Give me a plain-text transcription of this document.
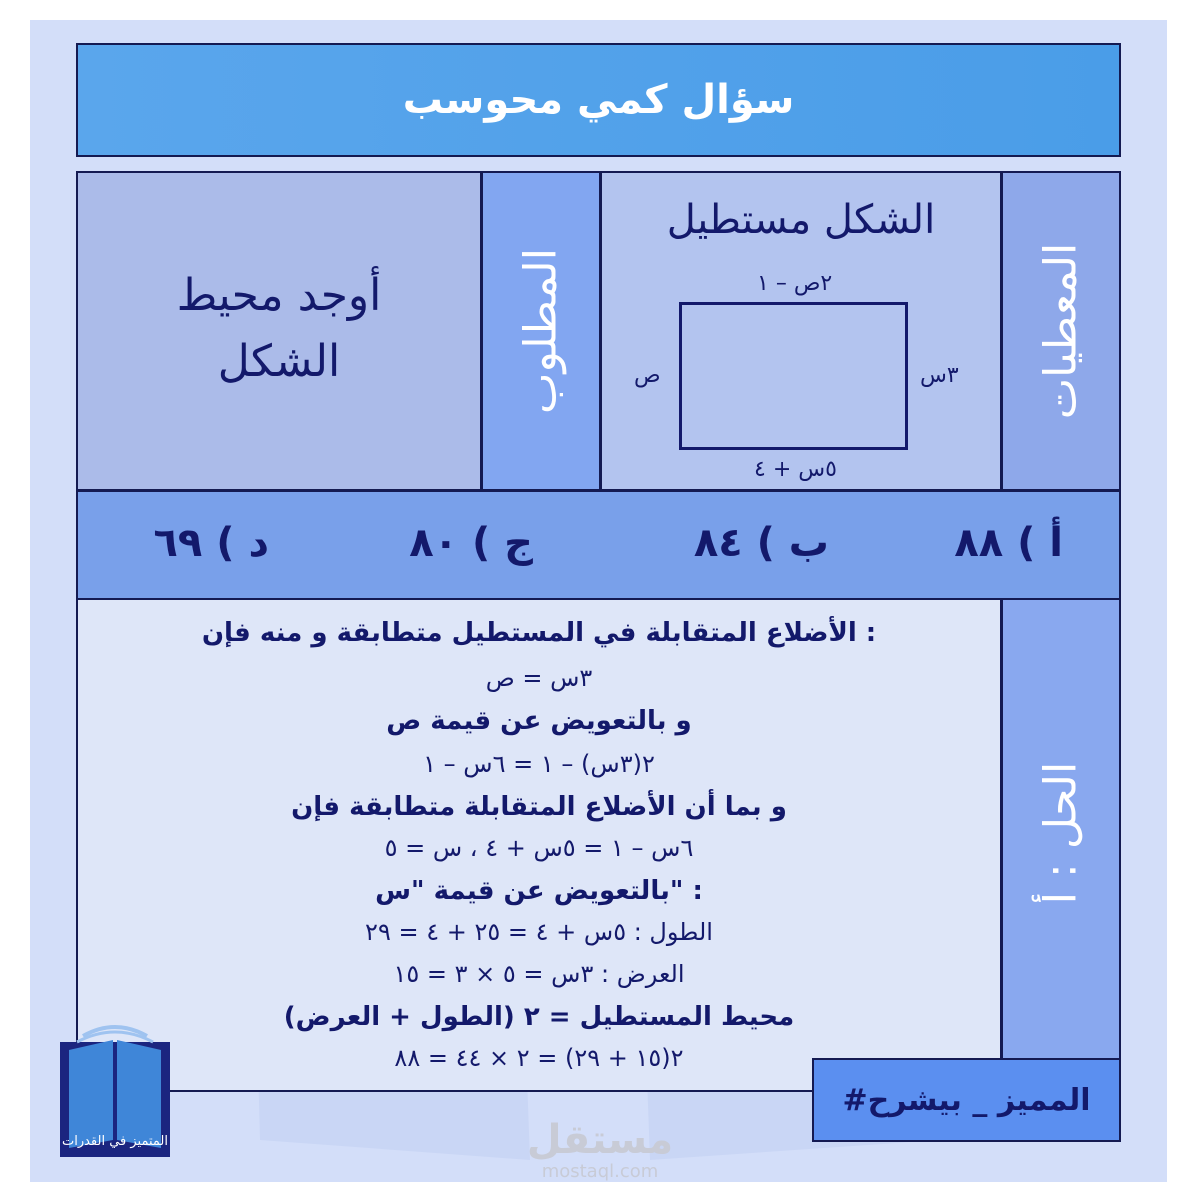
سؤال كمي محوسب
المعطيات
الشكل مستطيل
٢ص – ١
٣س
ص
٥س + ٤
المطلوب
أوجد محيط
الشكل
أ ) ٨٨
ب ) ٨٤
ج ) ٨٠
د ) ٦٩
الحل : أ
الأضلاع المتقابلة في المستطيل متطابقة و منه فإن :
٣س = ص
و بالتعويض عن قيمة ص
٢(٣س) – ١ = ٦س – ١
و بما أن الأضلاع المتقابلة متطابقة فإن
٦س – ١ = ٥س + ٤ ، س = ٥
بالتعويض عن قيمة "س" :
الطول : ٥س + ٤ = ٢٥ + ٤ = ٢٩
العرض : ٣س = ٥ × ٣ = ١٥
محيط المستطيل = ٢ (الطول + العرض)
٢(١٥ + ٢٩) = ٢ × ٤٤ = ٨٨
#المميز _ بيشرح
المتميز في القدرات	مستقل
mostaql.com
